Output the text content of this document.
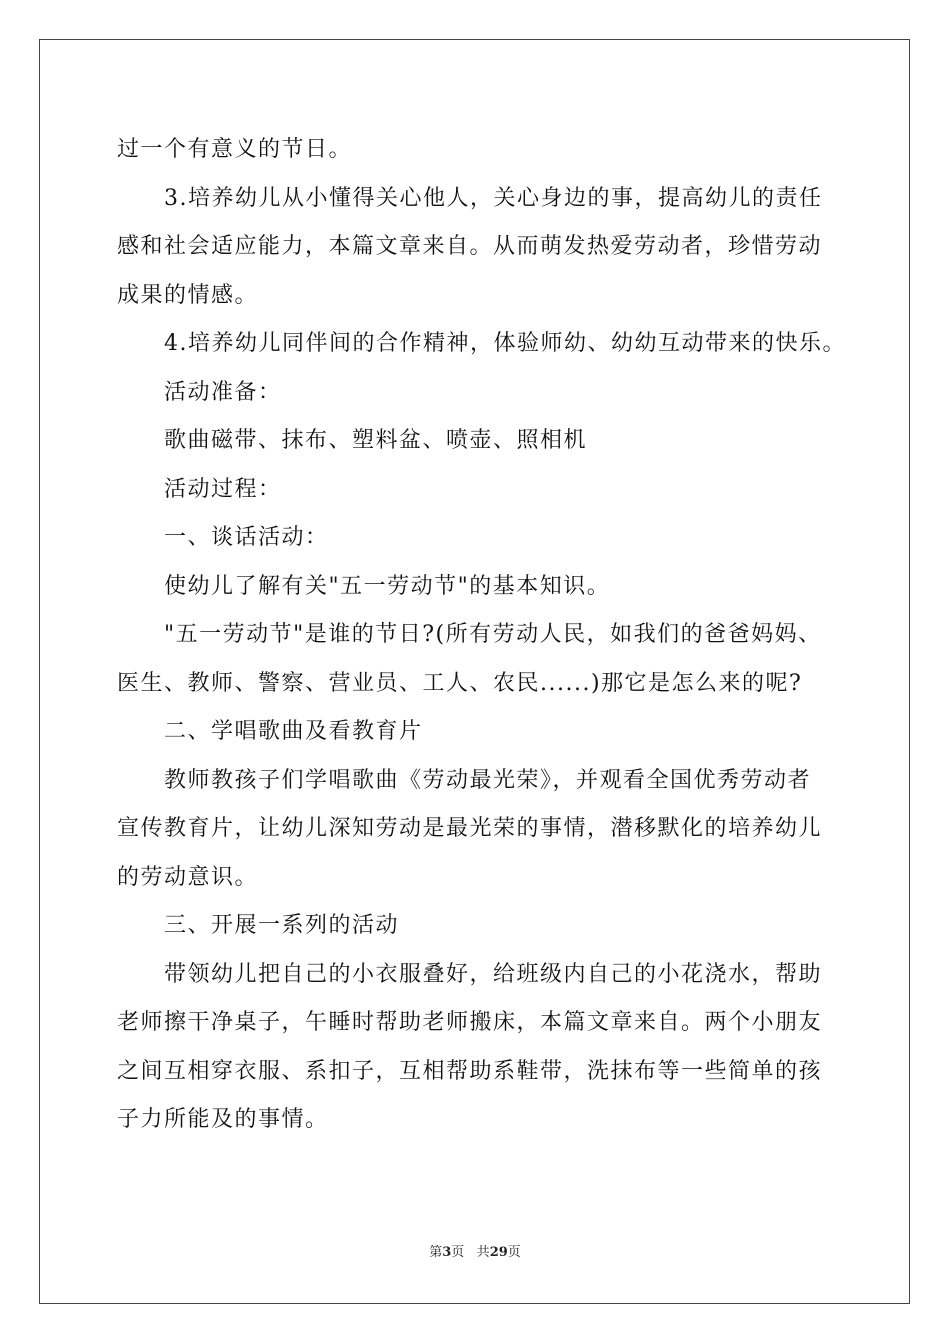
过一个有意义的节日。

3.培养幼儿从小懂得关心他人，关心身边的事，提高幼儿的责任

感和社会适应能力，本篇文章来自。从而萌发热爱劳动者，珍惜劳动

成果的情感。

4.培养幼儿同伴间的合作精神，体验师幼、幼幼互动带来的快乐。

活动准备：

歌曲磁带、抹布、塑料盆、喷壶、照相机

活动过程：

一、谈话活动：

使幼儿了解有关"五一劳动节"的基本知识。

"五一劳动节"是谁的节日?(所有劳动人民，如我们的爸爸妈妈、

医生、教师、警察、营业员、工人、农民......)那它是怎么来的呢?

二、学唱歌曲及看教育片

教师教孩子们学唱歌曲《劳动最光荣》，并观看全国优秀劳动者

宣传教育片，让幼儿深知劳动是最光荣的事情，潜移默化的培养幼儿

的劳动意识。

三、开展一系列的活动

带领幼儿把自己的小衣服叠好，给班级内自己的小花浇水，帮助

老师擦干净桌子，午睡时帮助老师搬床，本篇文章来自。两个小朋友

之间互相穿衣服、系扣子，互相帮助系鞋带，洗抹布等一些简单的孩

子力所能及的事情。

第3页 共29页
